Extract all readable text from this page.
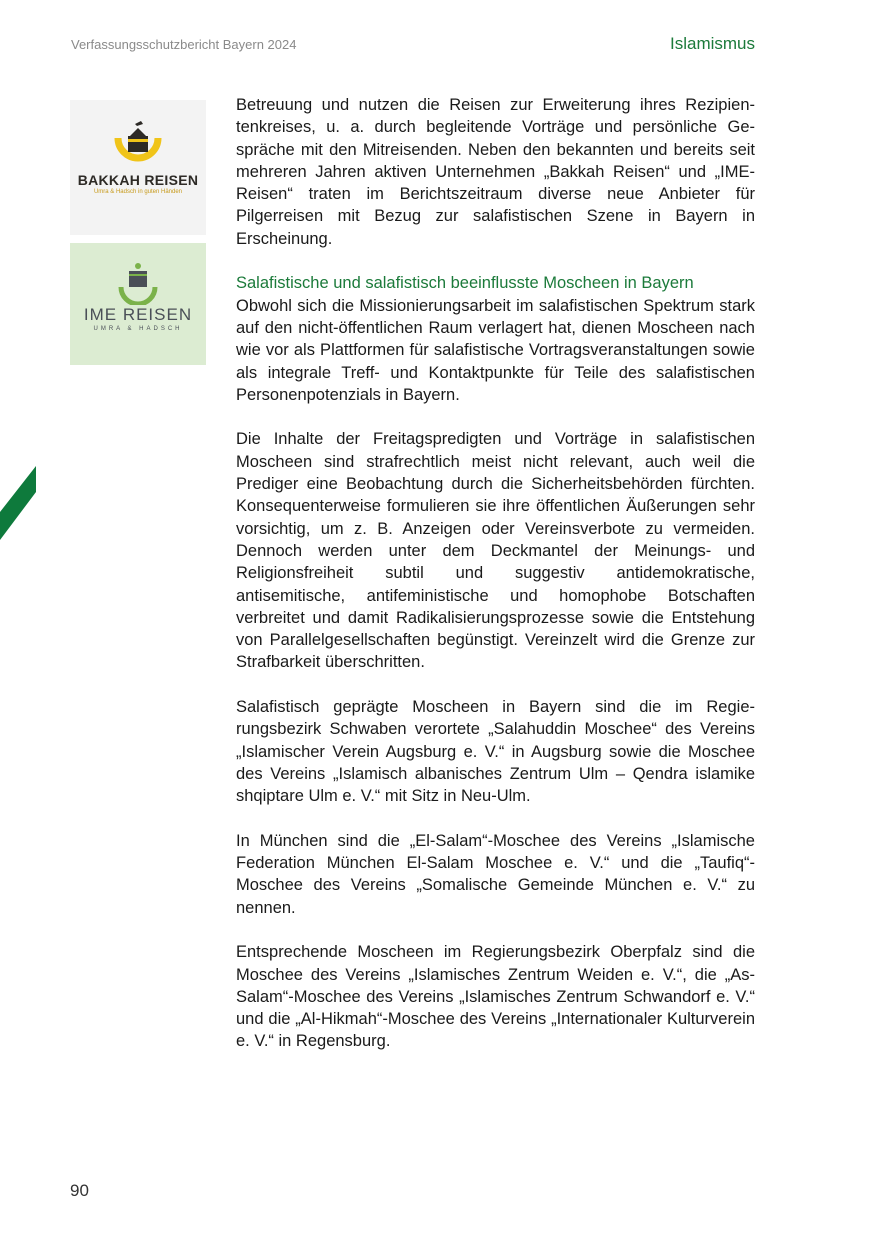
Verfassungsschutzbericht Bayern 2024	Islamismus
BAKKAH REISEN
Umra & Hadsch in guten Händen
IME REISEN
UMRA & HADSCH

Betreuung und nutzen die Reisen zur Erweiterung ihres Rezipientenkreises, u. a. durch begleitende Vorträge und persönliche Gespräche mit den Mitreisenden. Neben den bekannten und bereits seit mehreren Jahren aktiven Unternehmen „Bakkah Reisen“ und „IME-Reisen“ traten im Berichtszeitraum diverse neue Anbieter für Pilgerreisen mit Bezug zur salafistischen Szene in Bayern in Erscheinung.

Salafistische und salafistisch beeinflusste Moscheen in Bayern

Obwohl sich die Missionierungsarbeit im salafistischen Spektrum stark auf den nicht-öffentlichen Raum verlagert hat, dienen Moscheen nach wie vor als Plattformen für salafistische Vortragsveranstaltungen sowie als integrale Treff- und Kontaktpunkte für Teile des salafistischen Personenpotenzials in Bayern.

Die Inhalte der Freitagspredigten und Vorträge in salafistischen Moscheen sind strafrechtlich meist nicht relevant, auch weil die Prediger eine Beobachtung durch die Sicherheitsbehörden fürchten. Konsequenterweise formulieren sie ihre öffentlichen Äußerungen sehr vorsichtig, um z. B. Anzeigen oder Vereinsverbote zu vermeiden. Dennoch werden unter dem Deckmantel der Meinungs- und Religionsfreiheit subtil und suggestiv antidemokratische, antisemitische, antifeministische und homophobe Botschaften verbreitet und damit Radikalisierungsprozesse sowie die Entstehung von Parallelgesellschaften begünstigt. Vereinzelt wird die Grenze zur Strafbarkeit überschritten.

Salafistisch geprägte Moscheen in Bayern sind die im Regierungsbezirk Schwaben verortete „Salahuddin Moschee“ des Vereins „Islamischer Verein Augsburg e. V.“ in Augsburg sowie die Moschee des Vereins „Islamisch albanisches Zentrum Ulm – Qendra islamike shqiptare Ulm e. V.“ mit Sitz in Neu-Ulm.

In München sind die „El-Salam“-Moschee des Vereins „Islamische Federation München El-Salam Moschee e. V.“ und die „Taufiq“-Moschee des Vereins „Somalische Gemeinde München e. V.“ zu nennen.

Entsprechende Moscheen im Regierungsbezirk Oberpfalz sind die Moschee des Vereins „Islamisches Zentrum Weiden e. V.“, die „As-Salam“-Moschee des Vereins „Islamisches Zentrum Schwandorf e. V.“ und die „Al-Hikmah“-Moschee des Vereins „Internationaler Kulturverein e. V.“ in Regensburg.

90
